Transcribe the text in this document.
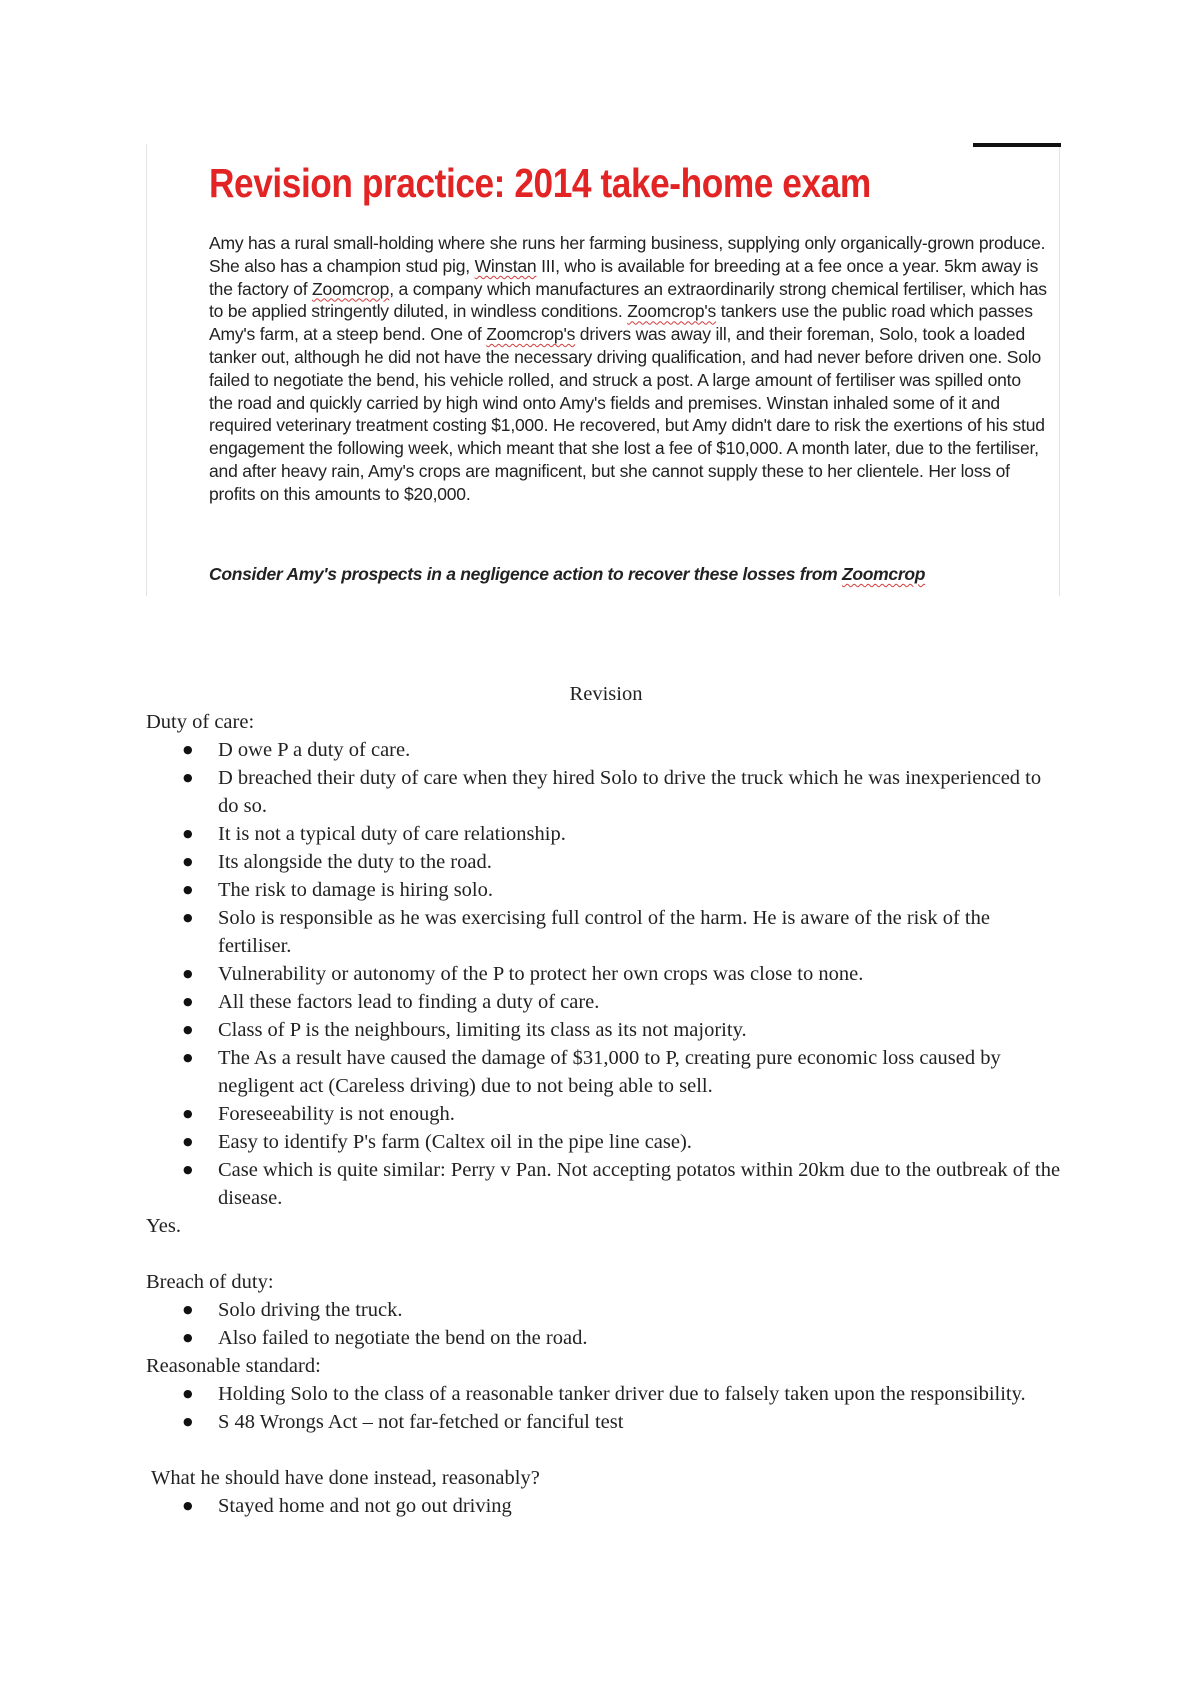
Revision practice: 2014 take-home exam

Amy has a rural small-holding where she runs her farming business, supplying only organically-grown produce. She also has a champion stud pig, Winstan III, who is available for breeding at a fee once a year. 5km away is the factory of Zoomcrop, a company which manufactures an extraordinarily strong chemical fertiliser, which has to be applied stringently diluted, in windless conditions. Zoomcrop's tankers use the public road which passes Amy's farm, at a steep bend. One of Zoomcrop's drivers was away ill, and their foreman, Solo, took a loaded tanker out, although he did not have the necessary driving qualification, and had never before driven one. Solo failed to negotiate the bend, his vehicle rolled, and struck a post. A large amount of fertiliser was spilled onto the road and quickly carried by high wind onto Amy's fields and premises. Winstan inhaled some of it and required veterinary treatment costing $1,000. He recovered, but Amy didn't dare to risk the exertions of his stud engagement the following week, which meant that she lost a fee of $10,000. A month later, due to the fertiliser, and after heavy rain, Amy's crops are magnificent, but she cannot supply these to her clientele. Her loss of profits on this amounts to $20,000.

Consider Amy's prospects in a negligence action to recover these losses from Zoomcrop

Revision

Duty of care:

● D owe P a duty of care.
● D breached their duty of care when they hired Solo to drive the truck which he was inexperienced to do so.
● It is not a typical duty of care relationship.
● Its alongside the duty to the road.
● The risk to damage is hiring solo.
● Solo is responsible as he was exercising full control of the harm. He is aware of the risk of the fertiliser.
● Vulnerability or autonomy of the P to protect her own crops was close to none.
● All these factors lead to finding a duty of care.
● Class of P is the neighbours, limiting its class as its not majority.
● The As a result have caused the damage of $31,000 to P, creating pure economic loss caused by negligent act (Careless driving) due to not being able to sell.
● Foreseeability is not enough.
● Easy to identify P's farm (Caltex oil in the pipe line case).
● Case which is quite similar: Perry v Pan. Not accepting potatos within 20km due to the outbreak of the disease.

Yes.

Breach of duty:

● Solo driving the truck.
● Also failed to negotiate the bend on the road.

Reasonable standard:

● Holding Solo to the class of a reasonable tanker driver due to falsely taken upon the responsibility.
● S 48 Wrongs Act – not far-fetched or fanciful test

What he should have done instead, reasonably?

● Stayed home and not go out driving
